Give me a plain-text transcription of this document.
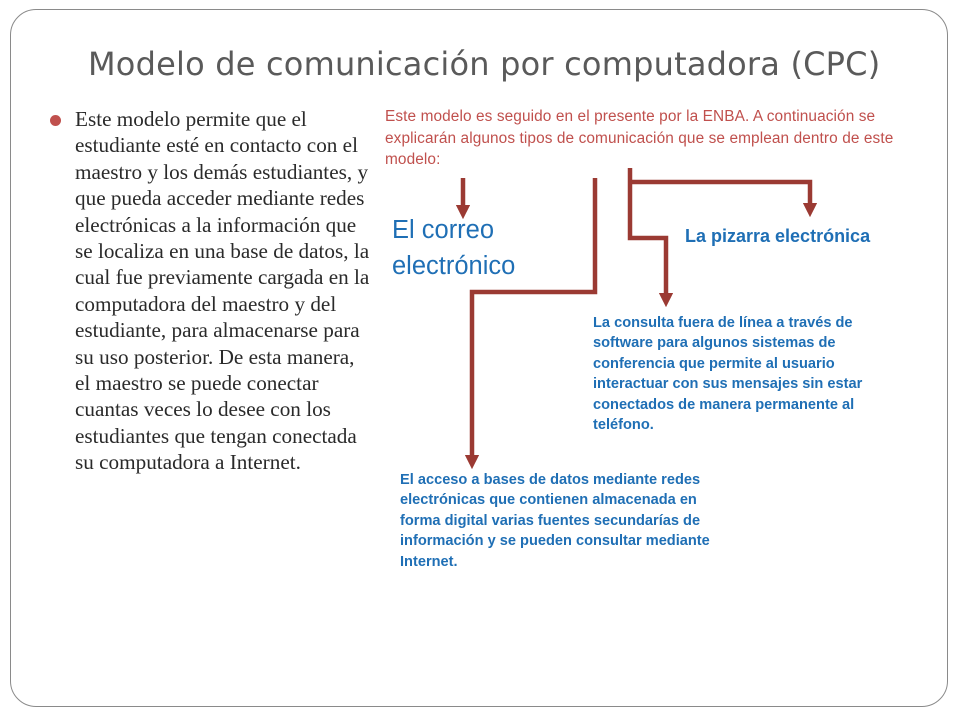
Modelo de comunicación por computadora (CPC)
Este modelo permite que el estudiante esté en contacto con el maestro y los demás estudiantes, y que pueda acceder mediante redes electrónicas a la información que se localiza en una base de datos, la cual fue previamente cargada en la computadora del maestro y del estudiante, para almacenarse para su uso posterior. De esta manera, el maestro se puede conectar cuantas veces lo desee con los estudiantes que tengan conectada su computadora a Internet.
Este modelo es seguido en el presente por la ENBA. A continuación se explicarán algunos tipos de comunicación que se emplean dentro de este modelo:
El correo electrónico
La pizarra electrónica
La consulta fuera de línea a través de software para algunos sistemas de conferencia que permite al usuario interactuar con sus mensajes sin estar conectados de manera permanente al teléfono.
El acceso a bases de datos mediante redes electrónicas que contienen almacenada en forma digital varias fuentes secundarías de información y se pueden consultar mediante Internet.
